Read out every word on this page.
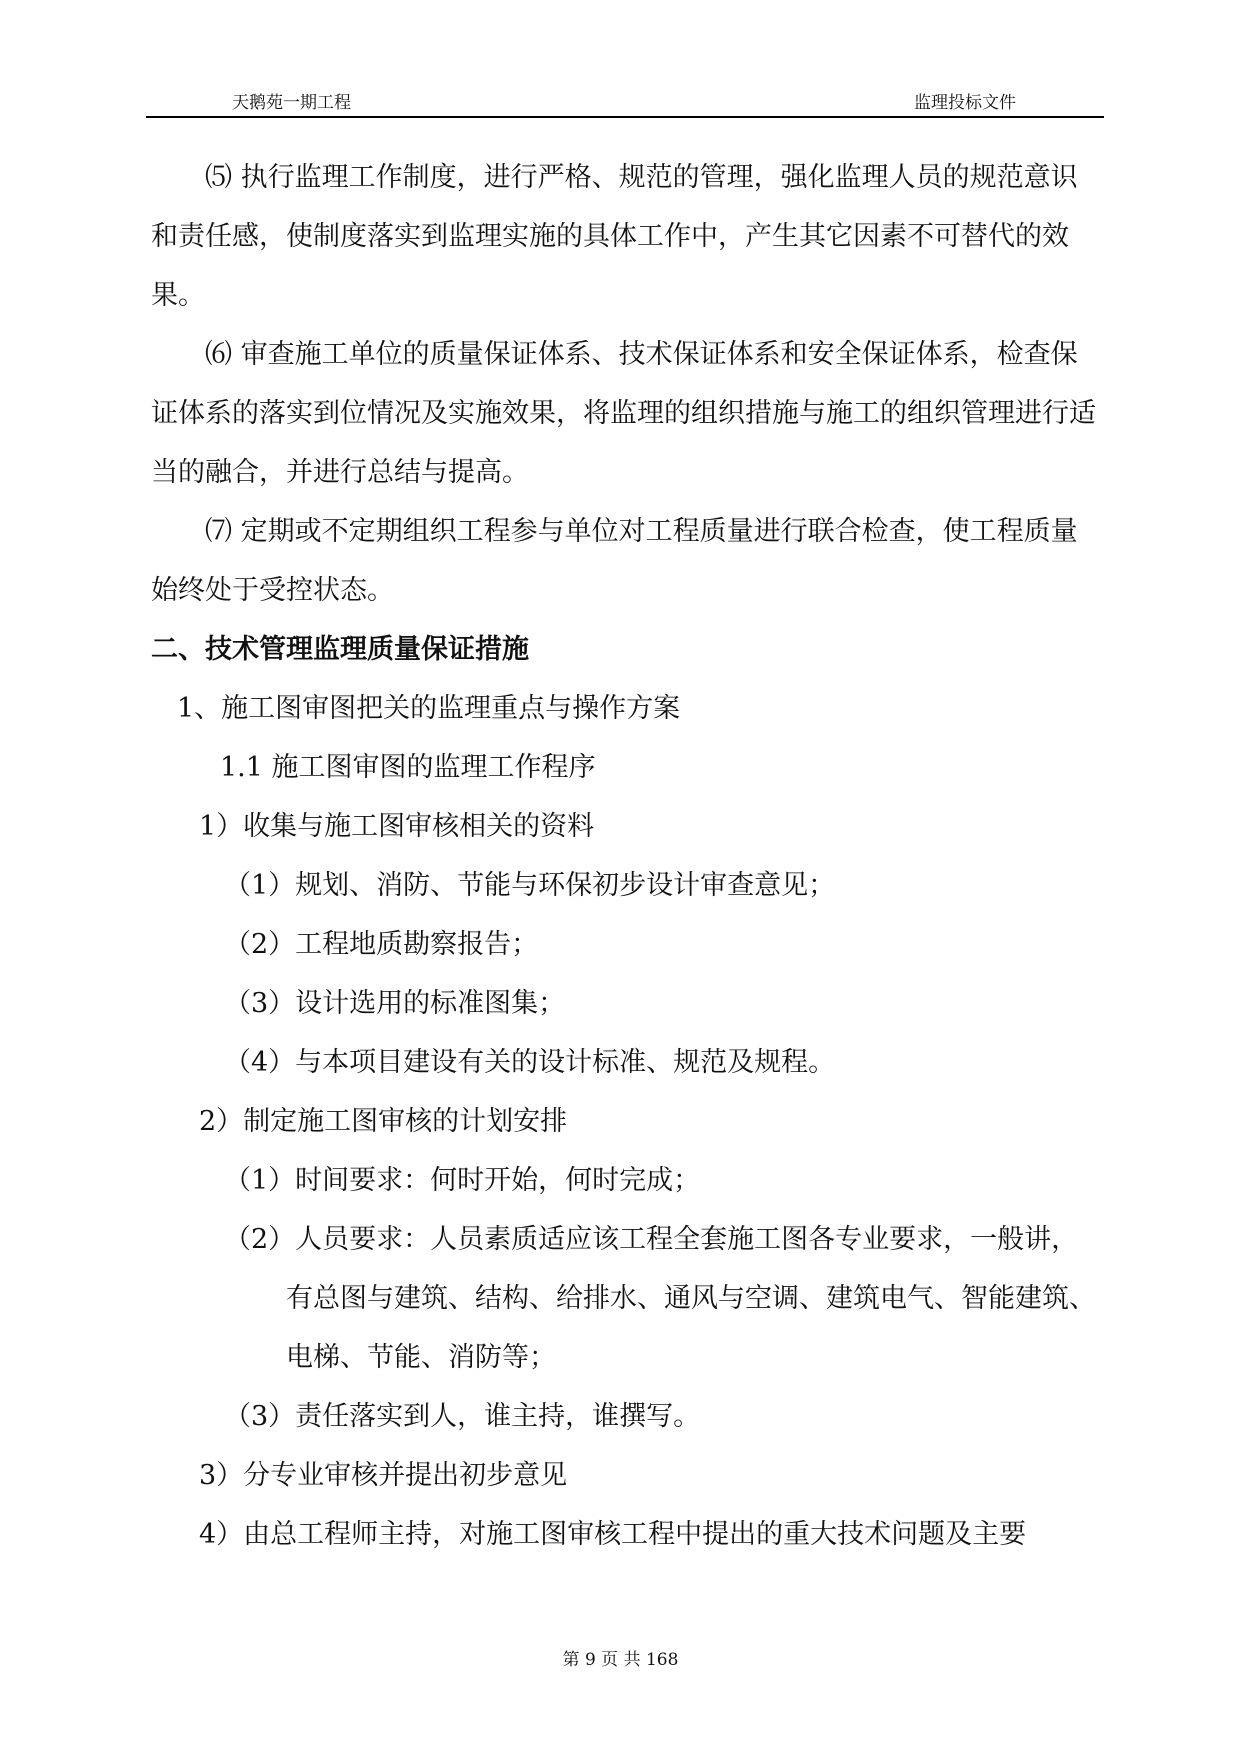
天鹅苑一期工程	监理投标文件

⑸ 执行监理工作制度，进行严格、规范的管理，强化监理人员的规范意识和责任感，使制度落实到监理实施的具体工作中，产生其它因素不可替代的效果。

⑹ 审查施工单位的质量保证体系、技术保证体系和安全保证体系，检查保证体系的落实到位情况及实施效果，将监理的组织措施与施工的组织管理进行适当的融合，并进行总结与提高。

⑺ 定期或不定期组织工程参与单位对工程质量进行联合检查，使工程质量始终处于受控状态。

二、技术管理监理质量保证措施

1、施工图审图把关的监理重点与操作方案

1.1 施工图审图的监理工作程序

1）收集与施工图审核相关的资料

（1）规划、消防、节能与环保初步设计审查意见；

（2）工程地质勘察报告；

（3）设计选用的标准图集；

（4）与本项目建设有关的设计标准、规范及规程。

2）制定施工图审核的计划安排

（1）时间要求：何时开始，何时完成；

（2）人员要求：人员素质适应该工程全套施工图各专业要求，一般讲，有总图与建筑、结构、给排水、通风与空调、建筑电气、智能建筑、电梯、节能、消防等；

（3）责任落实到人，谁主持，谁撰写。

3）分专业审核并提出初步意见

4）由总工程师主持，对施工图审核工程中提出的重大技术问题及主要

第 9 页 共 168
